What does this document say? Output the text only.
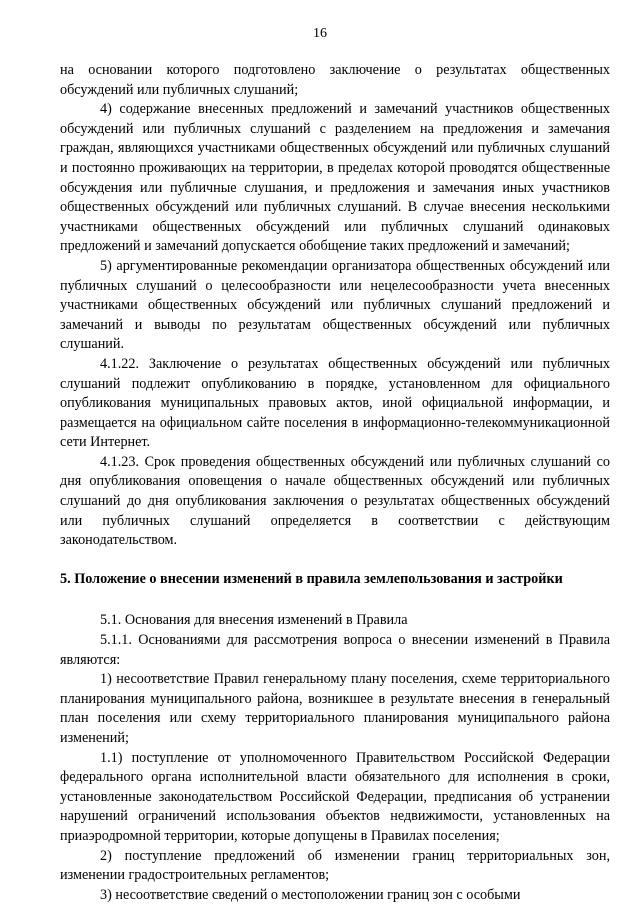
16

на основании которого подготовлено заключение о результатах общественных обсуждений или публичных слушаний;

4) содержание внесенных предложений и замечаний участников общественных обсуждений или публичных слушаний с разделением на предложения и замечания граждан, являющихся участниками общественных обсуждений или публичных слушаний и постоянно проживающих на территории, в пределах которой проводятся общественные обсуждения или публичные слушания, и предложения и замечания иных участников общественных обсуждений или публичных слушаний. В случае внесения несколькими участниками общественных обсуждений или публичных слушаний одинаковых предложений и замечаний допускается обобщение таких предложений и замечаний;

5) аргументированные рекомендации организатора общественных обсуждений или публичных слушаний о целесообразности или нецелесообразности учета внесенных участниками общественных обсуждений или публичных слушаний предложений и замечаний и выводы по результатам общественных обсуждений или публичных слушаний.

4.1.22. Заключение о результатах общественных обсуждений или публичных слушаний подлежит опубликованию в порядке, установленном для официального опубликования муниципальных правовых актов, иной официальной информации, и размещается на официальном сайте поселения в информационно-телекоммуникационной сети Интернет.

4.1.23. Срок проведения общественных обсуждений или публичных слушаний со дня опубликования оповещения о начале общественных обсуждений или публичных слушаний до дня опубликования заключения о результатах общественных обсуждений или публичных слушаний определяется в соответствии с действующим законодательством.

5. Положение о внесении изменений в правила землепользования и застройки

5.1. Основания для внесения изменений в Правила

5.1.1. Основаниями для рассмотрения вопроса о внесении изменений в Правила являются:

1) несоответствие Правил генеральному плану поселения, схеме территориального планирования муниципального района, возникшее в результате внесения в генеральный план поселения или схему территориального планирования муниципального района изменений;

1.1) поступление от уполномоченного Правительством Российской Федерации федерального органа исполнительной власти обязательного для исполнения в сроки, установленные законодательством Российской Федерации, предписания об устранении нарушений ограничений использования объектов недвижимости, установленных на приаэродромной территории, которые допущены в Правилах поселения;

2) поступление предложений об изменении границ территориальных зон, изменении градостроительных регламентов;

3) несоответствие сведений о местоположении границ зон с особыми
